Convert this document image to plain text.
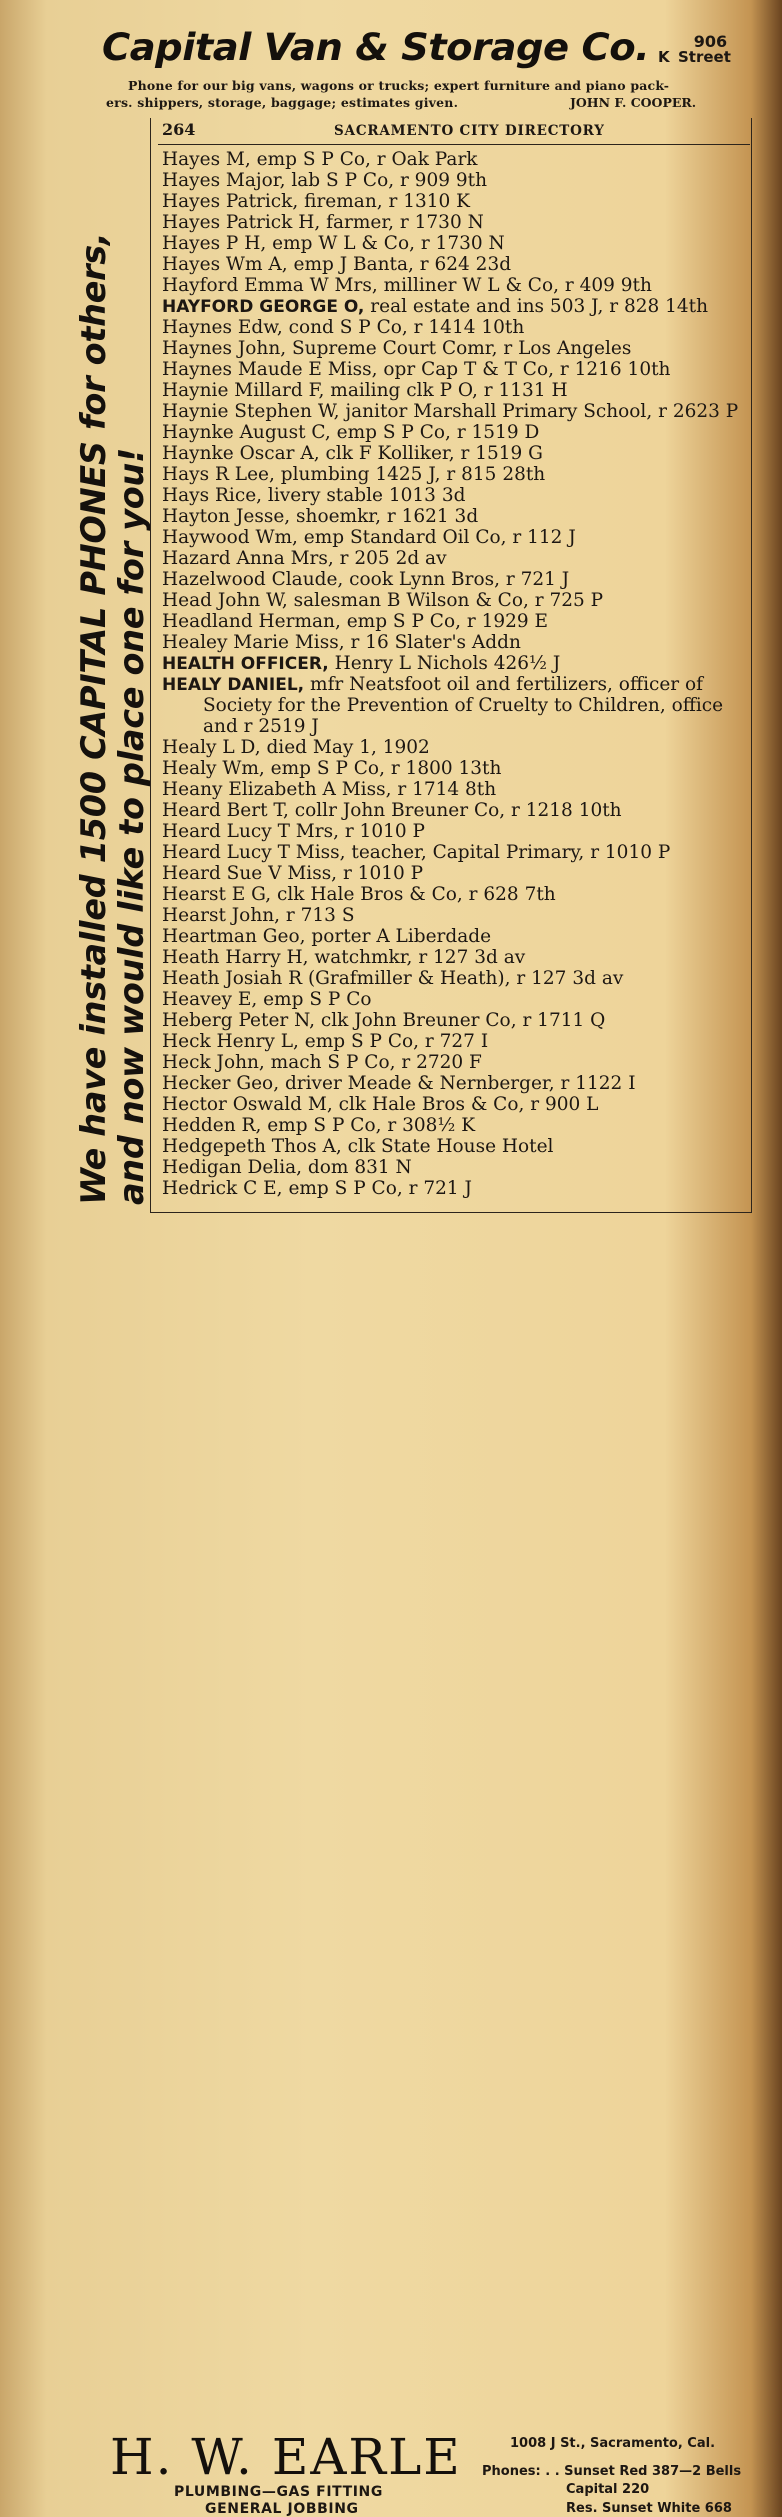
Capital Van & Storage Co.	906
K Street
Phone for our big vans, wagons or trucks; expert furniture and piano pack-
ers. shippers, storage, baggage; estimates given.	JOHN F. COOPER.
We have installed 1500 CAPITAL PHONES for others, and now would like to place one for you!
264	SACRAMENTO CITY DIRECTORY
Hayes M, emp S P Co, r Oak Park
Hayes Major, lab S P Co, r 909 9th
Hayes Patrick, fireman, r 1310 K
Hayes Patrick H, farmer, r 1730 N
Hayes P H, emp W L & Co, r 1730 N
Hayes Wm A, emp J Banta, r 624 23d
Hayford Emma W Mrs, milliner W L & Co, r 409 9th
HAYFORD GEORGE O, real estate and ins 503 J, r 828 14th
Haynes Edw, cond S P Co, r 1414 10th
Haynes John, Supreme Court Comr, r Los Angeles
Haynes Maude E Miss, opr Cap T & T Co, r 1216 10th
Haynie Millard F, mailing clk P O, r 1131 H
Haynie Stephen W, janitor Marshall Primary School, r 2623 P
Haynke August C, emp S P Co, r 1519 D
Haynke Oscar A, clk F Kolliker, r 1519 G
Hays R Lee, plumbing 1425 J, r 815 28th
Hays Rice, livery stable 1013 3d
Hayton Jesse, shoemkr, r 1621 3d
Haywood Wm, emp Standard Oil Co, r 112 J
Hazard Anna Mrs, r 205 2d av
Hazelwood Claude, cook Lynn Bros, r 721 J
Head John W, salesman B Wilson & Co, r 725 P
Headland Herman, emp S P Co, r 1929 E
Healey Marie Miss, r 16 Slater's Addn
HEALTH OFFICER, Henry L Nichols 426½ J
HEALY DANIEL, mfr Neatsfoot oil and fertilizers, officer of
Society for the Prevention of Cruelty to Children, office
and r 2519 J
Healy L D, died May 1, 1902
Healy Wm, emp S P Co, r 1800 13th
Heany Elizabeth A Miss, r 1714 8th
Heard Bert T, collr John Breuner Co, r 1218 10th
Heard Lucy T Mrs, r 1010 P
Heard Lucy T Miss, teacher, Capital Primary, r 1010 P
Heard Sue V Miss, r 1010 P
Hearst E G, clk Hale Bros & Co, r 628 7th
Hearst John, r 713 S
Heartman Geo, porter A Liberdade
Heath Harry H, watchmkr, r 127 3d av
Heath Josiah R (Grafmiller & Heath), r 127 3d av
Heavey E, emp S P Co
Heberg Peter N, clk John Breuner Co, r 1711 Q
Heck Henry L, emp S P Co, r 727 I
Heck John, mach S P Co, r 2720 F
Hecker Geo, driver Meade & Nernberger, r 1122 I
Hector Oswald M, clk Hale Bros & Co, r 900 L
Hedden R, emp S P Co, r 308½ K
Hedgepeth Thos A, clk State House Hotel
Hedigan Delia, dom 831 N
Hedrick C E, emp S P Co, r 721 J
H. W. EARLE
PLUMBING—GAS FITTING
GENERAL JOBBING
1008 J St., Sacramento, Cal.
Phones: . . Sunset Red 387—2 Bells
Capital 220
Res. Sunset White 668
